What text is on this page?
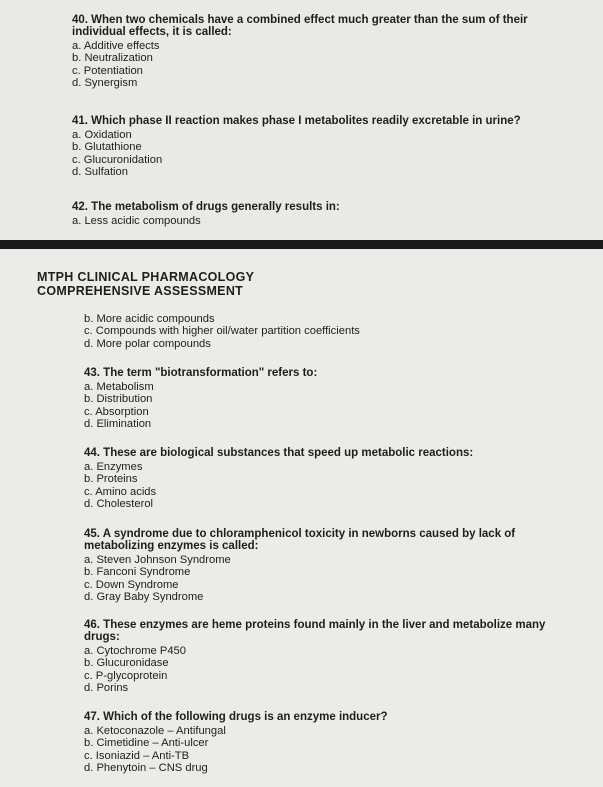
40. When two chemicals have a combined effect much greater than the sum of their individual effects, it is called:
a. Additive effects
b. Neutralization
c. Potentiation
d. Synergism
41. Which phase II reaction makes phase I metabolites readily excretable in urine?
a. Oxidation
b. Glutathione
c. Glucuronidation
d. Sulfation
42. The metabolism of drugs generally results in:
a. Less acidic compounds
MTPH CLINICAL PHARMACOLOGY
COMPREHENSIVE ASSESSMENT
b. More acidic compounds
c. Compounds with higher oil/water partition coefficients
d. More polar compounds
43. The term "biotransformation" refers to:
a. Metabolism
b. Distribution
c. Absorption
d. Elimination
44. These are biological substances that speed up metabolic reactions:
a. Enzymes
b. Proteins
c. Amino acids
d. Cholesterol
45. A syndrome due to chloramphenicol toxicity in newborns caused by lack of metabolizing enzymes is called:
a. Steven Johnson Syndrome
b. Fanconi Syndrome
c. Down Syndrome
d. Gray Baby Syndrome
46. These enzymes are heme proteins found mainly in the liver and metabolize many drugs:
a. Cytochrome P450
b. Glucuronidase
c. P-glycoprotein
d. Porins
47. Which of the following drugs is an enzyme inducer?
a. Ketoconazole – Antifungal
b. Cimetidine – Anti-ulcer
c. Isoniazid – Anti-TB
d. Phenytoin – CNS drug
